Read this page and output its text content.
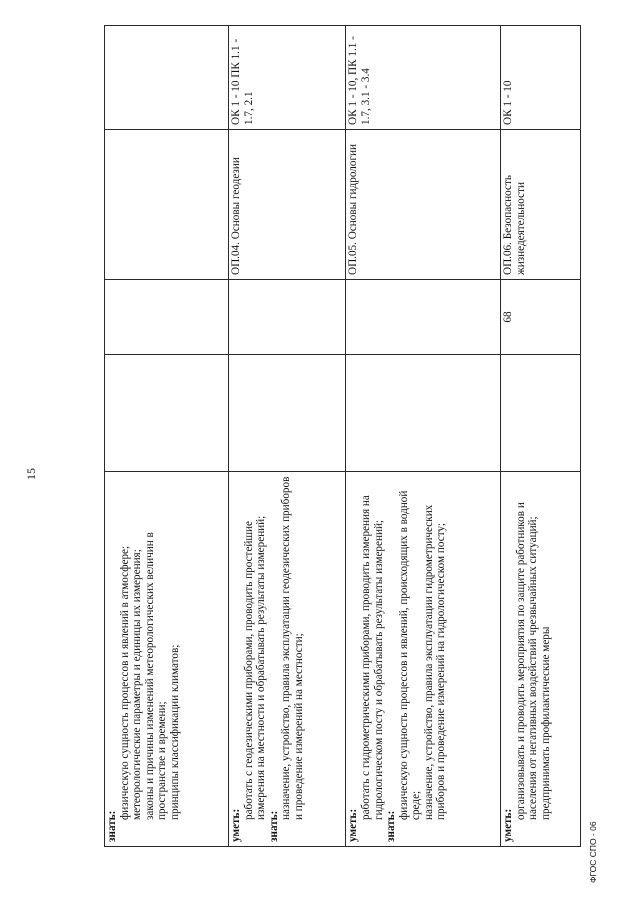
15
знать:
физическую сущность процессов и явлений в атмосфере; метеорологические параметры и единицы их измерения; законы и причины изменений метеорологических величин в пространстве и времени; принципы классификации климатов;				

уметь:
работать с геодезическими приборами, проводить простейшие измерения на местности и обрабатывать результаты измерений;
знать:
назначение, устройство, правила эксплуатации геодезических приборов и проведение измерений на местности;			ОП.04. Основы геодезии	ОК 1 - 10 ПК 1.1 - 1.7, 2.1

уметь:
работать с гидрометрическими приборами, проводить измерения на гидрологическом посту и обрабатывать результаты измерений;
знать:
физическую сущность процессов и явлений, происходящих в водной среде; назначение, устройство, правила эксплуатации гидрометрических приборов и проведение измерений на гидрологическом посту;			ОП.05. Основы гидрологии	ОК 1 - 10, ПК 1.1 - 1.7, 3.1 - 3.4

уметь:
организовывать и проводить мероприятия по защите работников и населения от негативных воздействий чрезвычайных ситуаций; предпринимать профилактические меры		68	ОП.06. Безопасность жизнедеятельности	ОК 1 - 10
ФГОС СПО - 06
